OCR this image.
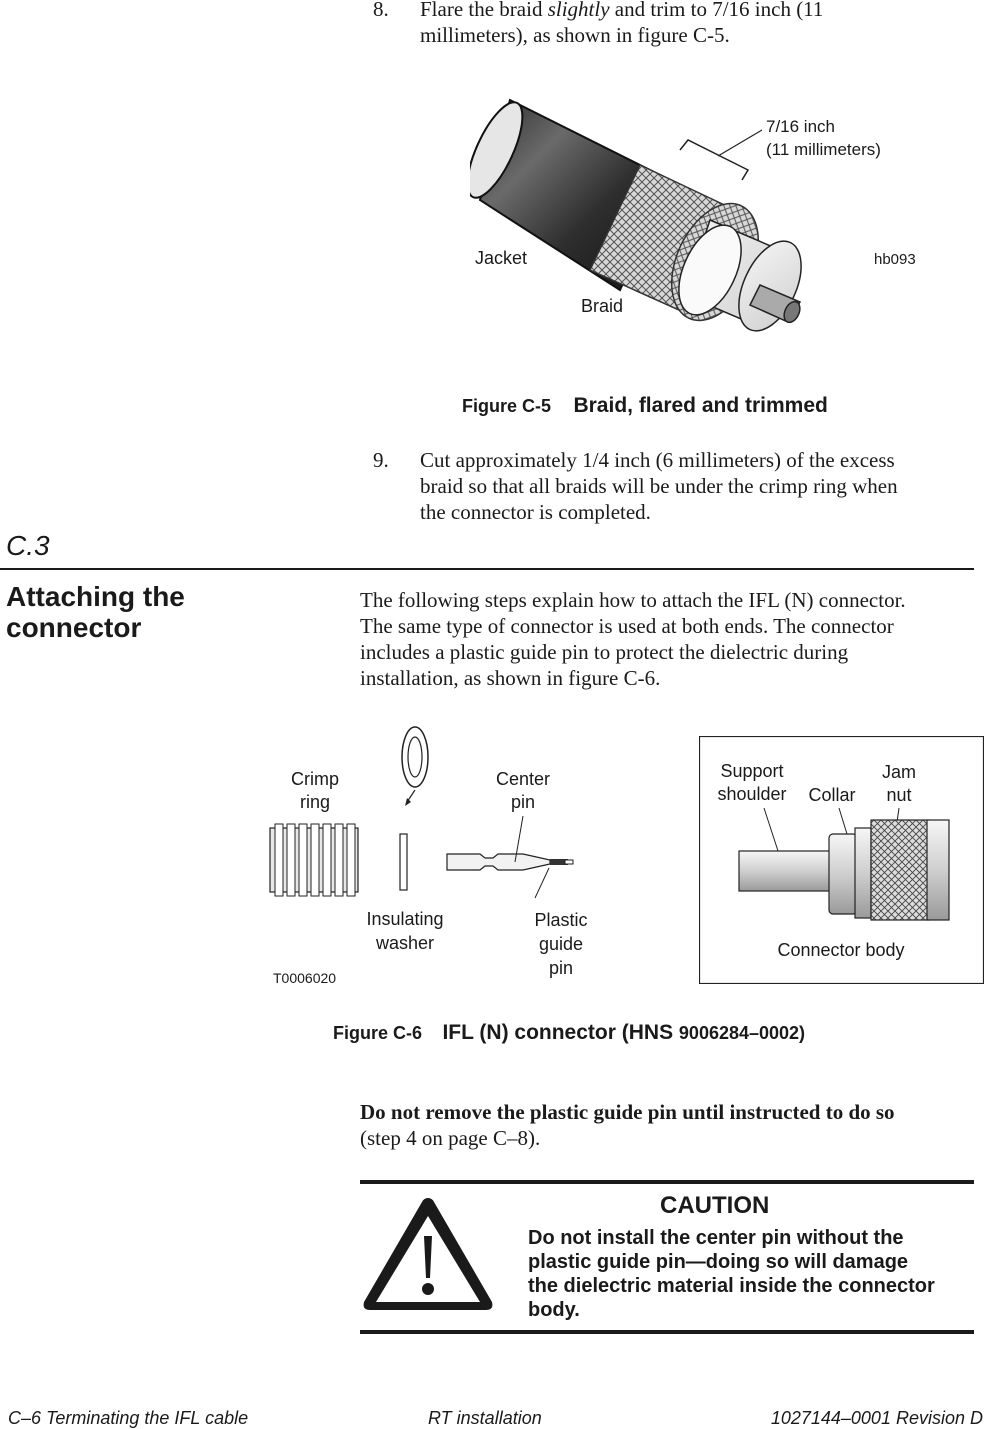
8. Flare the braid slightly and trim to 7/16 inch (11
millimeters), as shown in figure C-5.
7/16 inch
(11 millimeters)
Jacket
Braid
hb093
Figure C-5 Braid, flared and trimmed
9. Cut approximately 1/4 inch (6 millimeters) of the excess
braid so that all braids will be under the crimp ring when
the connector is completed.
C.3
Attaching the
connector
The following steps explain how to attach the IFL (N) connector.
The same type of connector is used at both ends. The connector
includes a plastic guide pin to protect the dielectric during
installation, as shown in figure C-6.
Crimp
ring
Center
pin
Insulating
washer
Plastic
guide
pin
T0006020
Support
shoulder Collar
Jam
nut
Connector body
Figure C-6 IFL (N) connector (HNS 9006284–0002)
Do not remove the plastic guide pin until instructed to do so
(step 4 on page C–8).
CAUTION
Do not install the center pin without the
plastic guide pin—doing so will damage
the dielectric material inside the connector
body.
C–6 Terminating the IFL cable	RT installation	1027144–0001 Revision D
